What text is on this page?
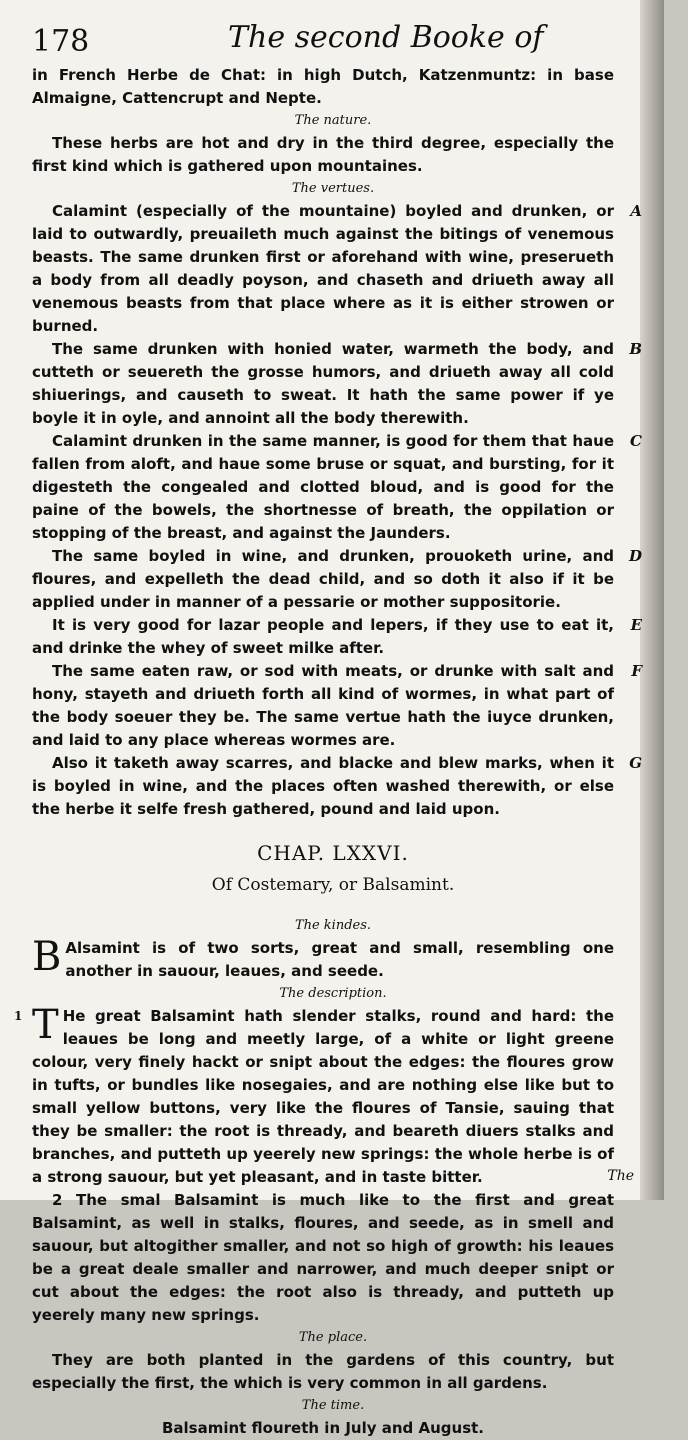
178	The second Booke of

in French Herbe de Chat: in high Dutch, Katzenmuntz: in base Almaigne, Cattencrupt and Nepte.

The nature.

These herbs are hot and dry in the third degree, especially the first kind which is gathered upon mountaines.

The vertues.

Calamint (especially of the mountaine) boyled and drunken, or laid to outwardly, preuaileth much against the bitings of venemous beasts. The same drunken first or aforehand with wine, preserueth a body from all deadly poyson, and chaseth and driueth away all venemous beasts from that place where as it is either strowen or burned.
A

The same drunken with honied water, warmeth the body, and cutteth or seuereth the grosse humors, and driueth away all cold shiuerings, and causeth to sweat. It hath the same power if ye boyle it in oyle, and annoint all the body therewith.
B

Calamint drunken in the same manner, is good for them that haue fallen from aloft, and haue some bruse or squat, and bursting, for it digesteth the congealed and clotted bloud, and is good for the paine of the bowels, the shortnesse of breath, the oppilation or stopping of the breast, and against the Jaunders.
C

The same boyled in wine, and drunken, prouoketh urine, and floures, and expelleth the dead child, and so doth it also if it be applied under in manner of a pessarie or mother suppositorie.
D

It is very good for lazar people and lepers, if they use to eat it, and drinke the whey of sweet milke after.
E

The same eaten raw, or sod with meats, or drunke with salt and hony, stayeth and driueth forth all kind of wormes, in what part of the body soeuer they be. The same vertue hath the iuyce drunken, and laid to any place whereas wormes are.
F

Also it taketh away scarres, and blacke and blew marks, when it is boyled in wine, and the places often washed therewith, or else the herbe it selfe fresh gathered, pound and laid upon.
G

CHAP. LXXVI.
Of Costemary, or Balsamint.

The kindes.

B Alsamint is of two sorts, great and small, resembling one another in sauour, leaues, and seede.

The description.

1 T He great Balsamint hath slender stalks, round and hard: the leaues be long and meetly large, of a white or light greene colour, very finely hackt or snipt about the edges: the floures grow in tufts, or bundles like nosegaies, and are nothing else like but to small yellow buttons, very like the floures of Tansie, sauing that they be smaller: the root is thready, and beareth diuers stalks and branches, and putteth up yeerely new springs: the whole herbe is of a strong sauour, but yet pleasant, and in taste bitter.

2 The smal Balsamint is much like to the first and great Balsamint, as well in stalks, floures, and seede, as in smell and sauour, but altogither smaller, and not so high of growth: his leaues be a great deale smaller and narrower, and much deeper snipt or cut about the edges: the root also is thready, and putteth up yeerely many new springs.

The place.

They are both planted in the gardens of this country, but especially the first, the which is very common in all gardens.

The time.

Balsamint floureth in July and August.

The
